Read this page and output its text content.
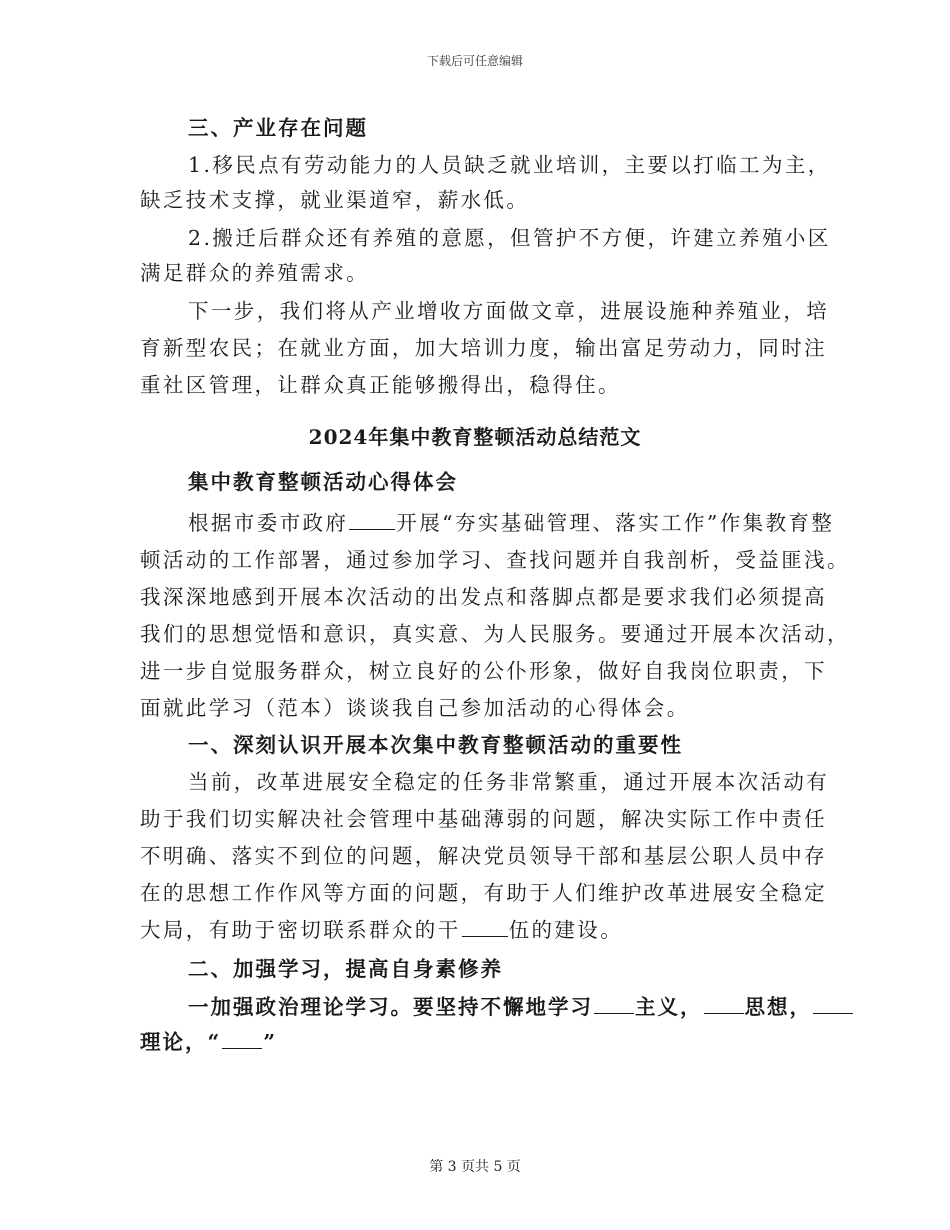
下载后可任意编辑
三、产业存在问题
1.移民点有劳动能力的人员缺乏就业培训，主要以打临工为主，
缺乏技术支撑，就业渠道窄，薪水低。
2.搬迁后群众还有养殖的意愿，但管护不方便，许建立养殖小区
满足群众的养殖需求。
下一步，我们将从产业增收方面做文章，进展设施种养殖业，培
育新型农民；在就业方面，加大培训力度，输出富足劳动力，同时注
重社区管理，让群众真正能够搬得出，稳得住。
2024年集中教育整顿活动总结范文
集中教育整顿活动心得体会
根据市委市政府 开展“夯实基础管理、落实工作”作集教育整
顿活动的工作部署，通过参加学习、查找问题并自我剖析，受益匪浅。
我深深地感到开展本次活动的出发点和落脚点都是要求我们必须提高
我们的思想觉悟和意识，真实意、为人民服务。要通过开展本次活动，
进一步自觉服务群众，树立良好的公仆形象，做好自我岗位职责，下
面就此学习（范本）谈谈我自己参加活动的心得体会。
一、深刻认识开展本次集中教育整顿活动的重要性
当前，改革进展安全稳定的任务非常繁重，通过开展本次活动有
助于我们切实解决社会管理中基础薄弱的问题，解决实际工作中责任
不明确、落实不到位的问题，解决党员领导干部和基层公职人员中存
在的思想工作作风等方面的问题，有助于人们维护改革进展安全稳定
大局，有助于密切联系群众的干 伍的建设。
二、加强学习，提高自身素修养
一加强政治理论学习。要坚持不懈地学习 主义， 思想，
理论，“ ”
第 3 页共 5 页
